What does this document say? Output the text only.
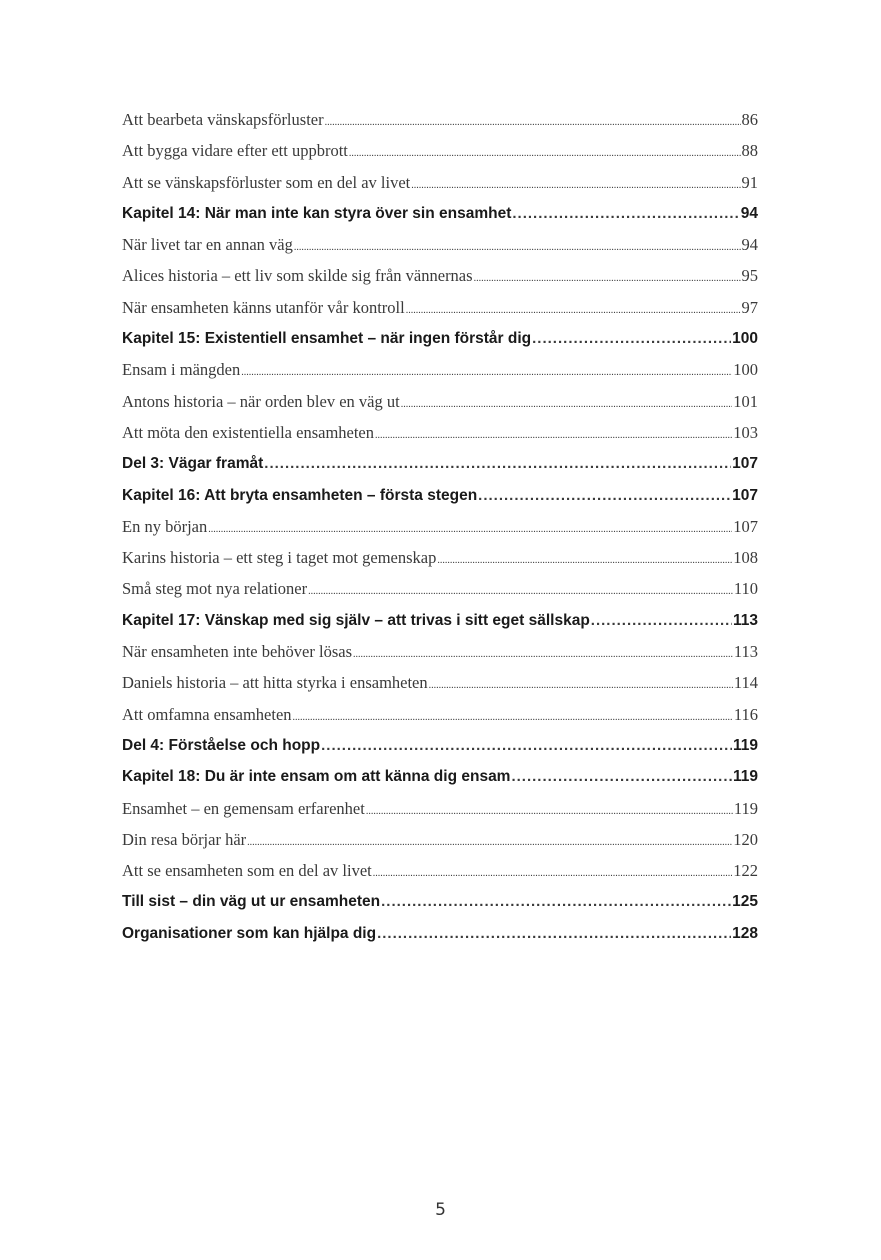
Att bearbeta vänskapsförluster .....	86
Att bygga vidare efter ett uppbrott .....	88
Att se vänskapsförluster som en del av livet .....	91
Kapitel 14: När man inte kan styra över sin ensamhet .....	94
När livet tar en annan väg .....	94
Alices historia – ett liv som skilde sig från vännernas .....	95
När ensamheten känns utanför vår kontroll .....	97
Kapitel 15: Existentiell ensamhet – när ingen förstår dig .....	100
Ensam i mängden .....	100
Antons historia – när orden blev en väg ut .....	101
Att möta den existentiella ensamheten .....	103
Del 3: Vägar framåt .....	107
Kapitel 16: Att bryta ensamheten – första stegen .....	107
En ny början .....	107
Karins historia – ett steg i taget mot gemenskap .....	108
Små steg mot nya relationer .....	110
Kapitel 17: Vänskap med sig själv – att trivas i sitt eget sällskap .....	113
När ensamheten inte behöver lösas .....	113
Daniels historia – att hitta styrka i ensamheten .....	114
Att omfamna ensamheten .....	116
Del 4: Förståelse och hopp .....	119
Kapitel 18: Du är inte ensam om att känna dig ensam .....	119
Ensamhet – en gemensam erfarenhet .....	119
Din resa börjar här .....	120
Att se ensamheten som en del av livet .....	122
Till sist – din väg ut ur ensamheten .....	125
Organisationer som kan hjälpa dig .....	128
5
